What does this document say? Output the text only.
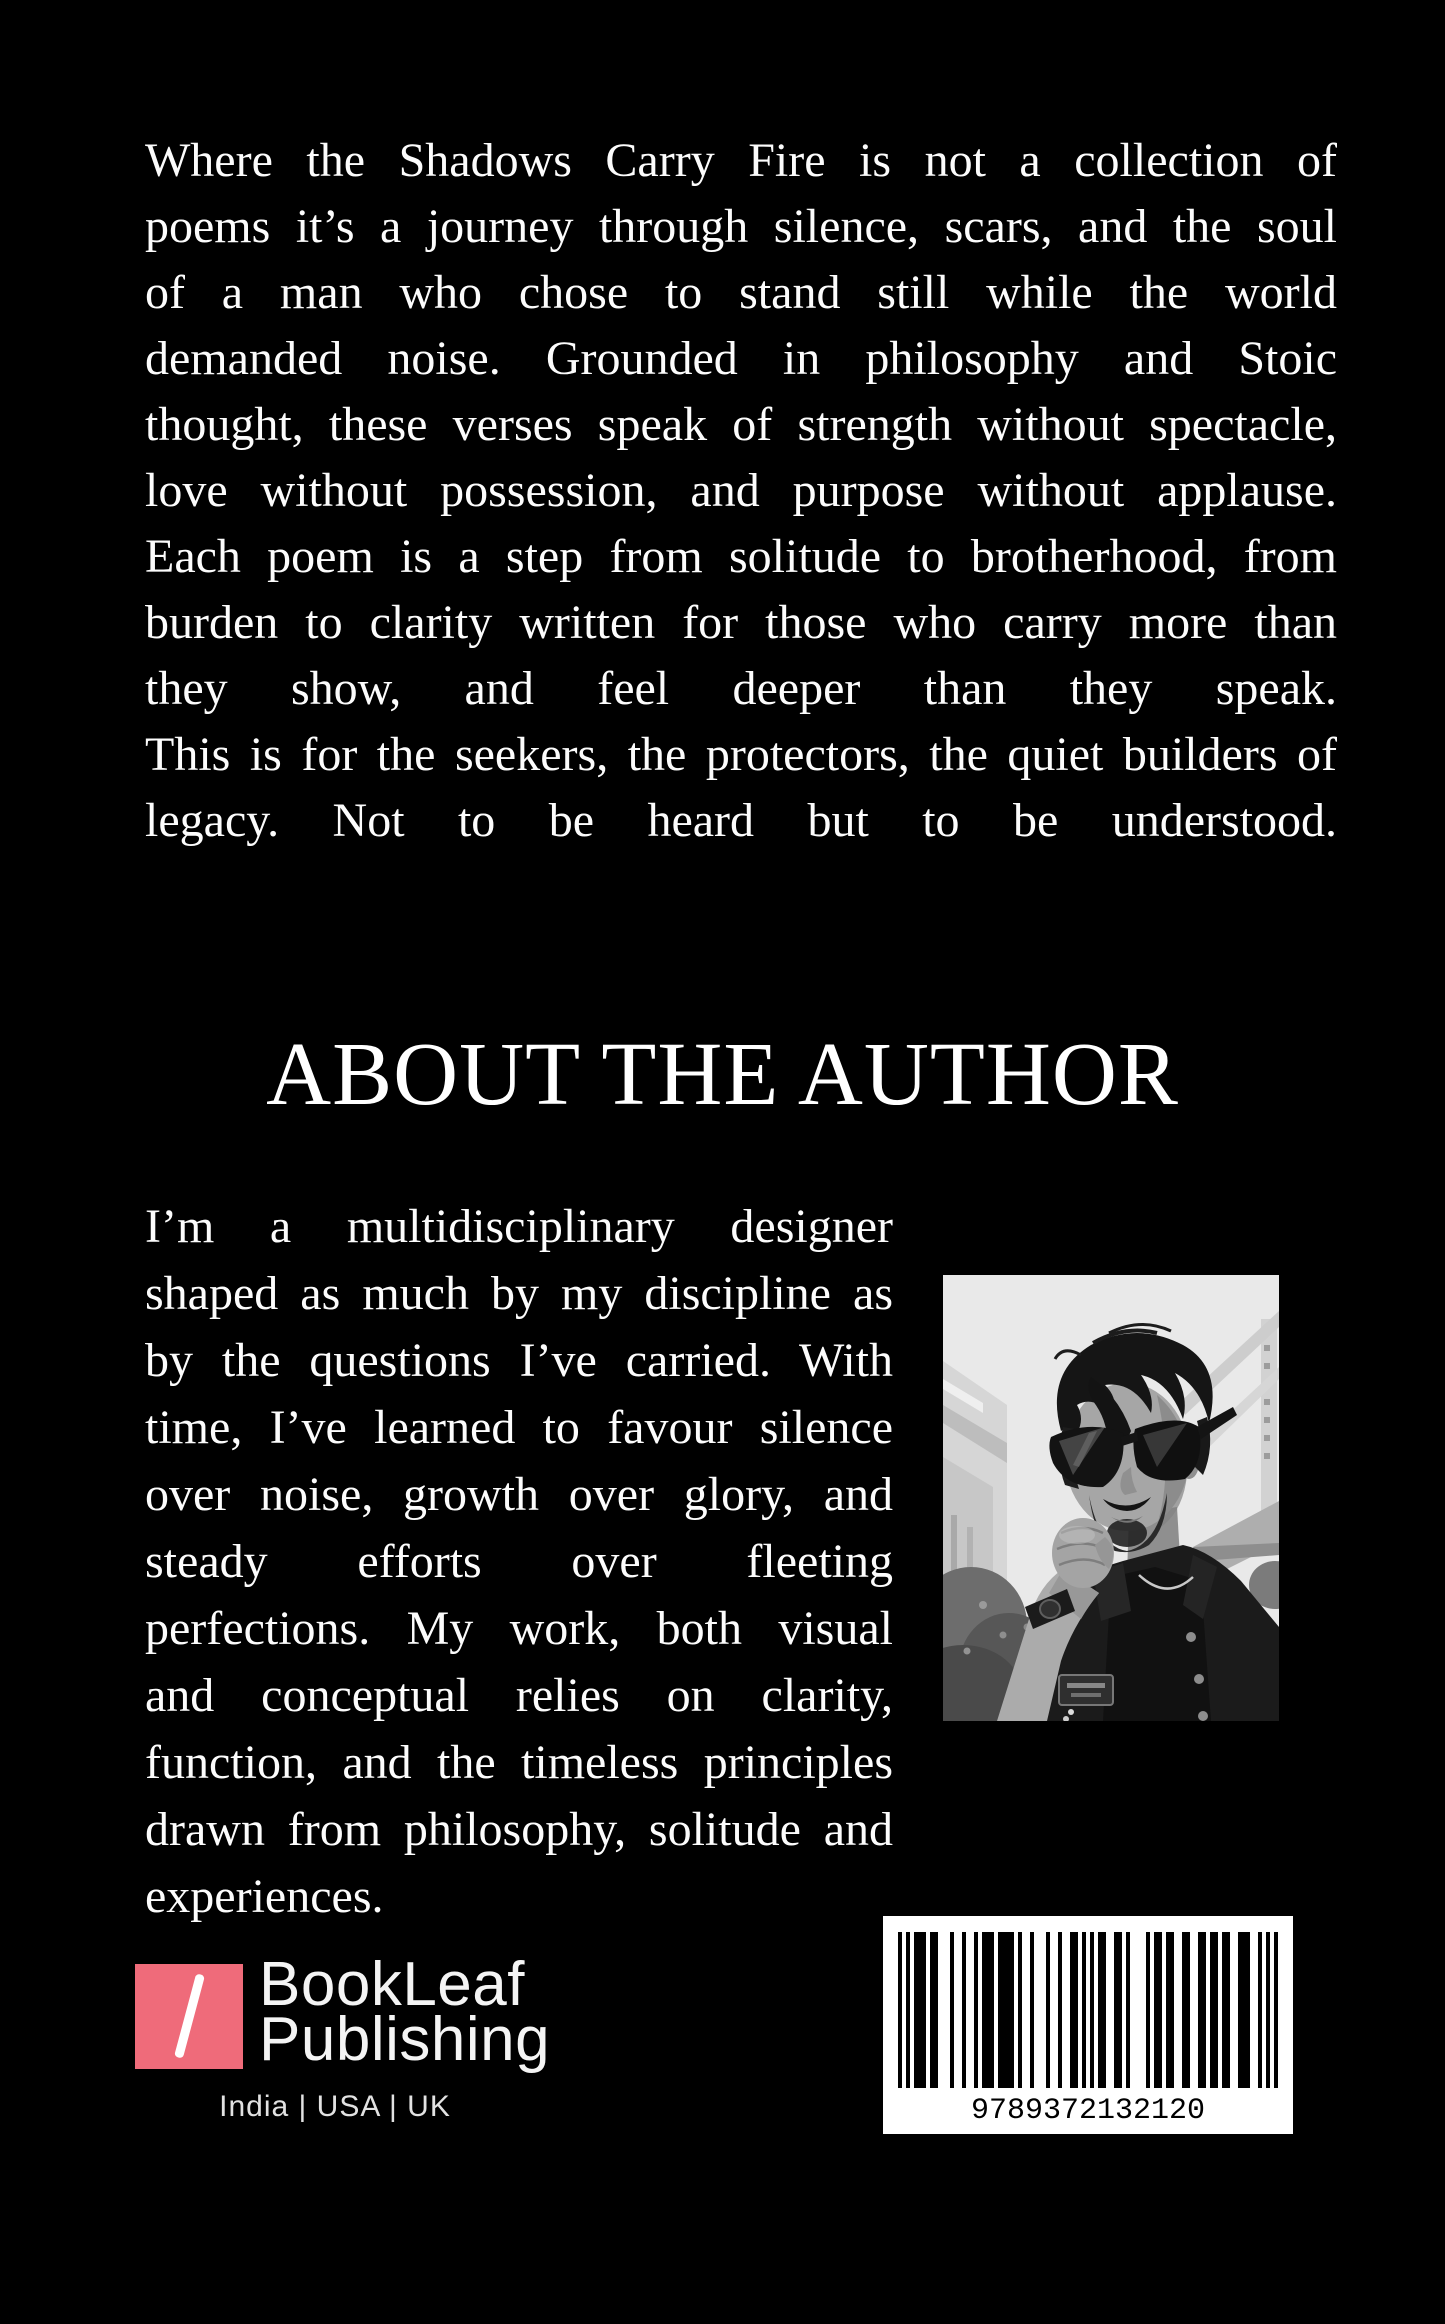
Where the Shadows Carry Fire is not a collection of
poems it’s a journey through silence, scars, and the soul
of a man who chose to stand still while the world
demanded noise. Grounded in philosophy and Stoic
thought, these verses speak of strength without spectacle,
love without possession, and purpose without applause.
Each poem is a step from solitude to brotherhood, from
burden to clarity written for those who carry more than
they show, and feel deeper than they speak.
This is for the seekers, the protectors, the quiet builders of
legacy. Not to be heard but to be understood.
ABOUT THE AUTHOR
I’m a multidisciplinary designer
shaped as much by my discipline as
by the questions I’ve carried. With
time, I’ve learned to favour silence
over noise, growth over glory, and
steady efforts over fleeting
perfections. My work, both visual
and conceptual relies on clarity,
function, and the timeless principles
drawn from philosophy, solitude and
experiences.
BookLeaf
Publishing
India | USA | UK	9789372132120
